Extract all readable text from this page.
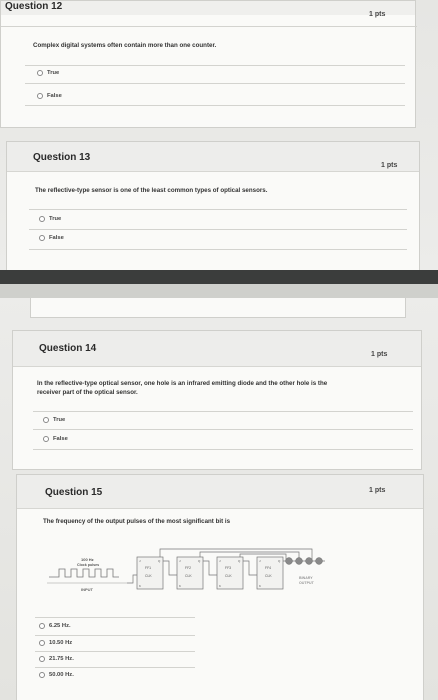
Question 12
1 pts
Complex digital systems often contain more than one counter.
True
False
Question 13
1 pts
The reflective-type sensor is one of the least common types of optical sensors.
True
False
Question 14
1 pts
In the reflective-type optical sensor, one hole is an infrared emitting diode and the other hole is the
receiver part of the optical sensor.
True
False
Question 15	1 pts
The frequency of the output pulses of the most significant bit is
100 Hz
Clock pulses
INPUT
FF1
CLK
J
K
Q
FF2
CLK
J
K
Q
FF3
CLK
J
K
Q
FF4
CLK
J
K
Q
BINARY
OUTPUT
6.25 Hz.
10.50 Hz
21.75 Hz.
50.00 Hz.
